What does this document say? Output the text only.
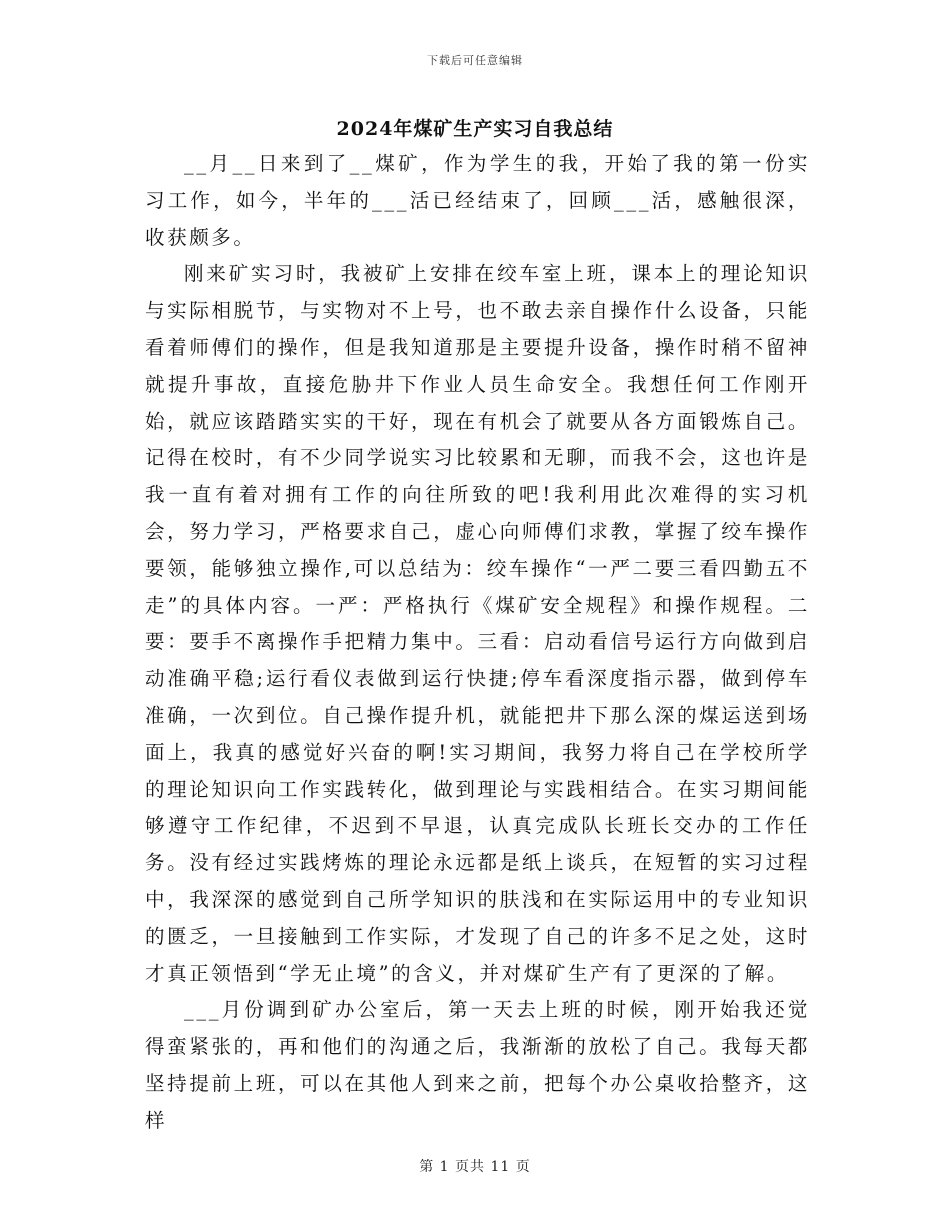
下载后可任意编辑
2024年煤矿生产实习自我总结

__月__日来到了__煤矿，作为学生的我，开始了我的第一份实习工作，如今，半年的___活已经结束了，回顾___活，感触很深，收获颇多。

刚来矿实习时，我被矿上安排在绞车室上班，课本上的理论知识与实际相脱节，与实物对不上号，也不敢去亲自操作什么设备，只能看着师傅们的操作，但是我知道那是主要提升设备，操作时稍不留神就提升事故，直接危胁井下作业人员生命安全。我想任何工作刚开始，就应该踏踏实实的干好，现在有机会了就要从各方面锻炼自己。记得在校时，有不少同学说实习比较累和无聊，而我不会，这也许是我一直有着对拥有工作的向往所致的吧!我利用此次难得的实习机会，努力学习，严格要求自己，虚心向师傅们求教，掌握了绞车操作要领，能够独立操作,可以总结为：绞车操作“一严二要三看四勤五不走”的具体内容。一严：严格执行《煤矿安全规程》和操作规程。二要：要手不离操作手把精力集中。三看：启动看信号运行方向做到启动准确平稳;运行看仪表做到运行快捷;停车看深度指示器，做到停车准确，一次到位。自己操作提升机，就能把井下那么深的煤运送到场面上，我真的感觉好兴奋的啊!实习期间，我努力将自己在学校所学的理论知识向工作实践转化，做到理论与实践相结合。在实习期间能够遵守工作纪律，不迟到不早退，认真完成队长班长交办的工作任务。没有经过实践烤炼的理论永远都是纸上谈兵，在短暂的实习过程中，我深深的感觉到自己所学知识的肤浅和在实际运用中的专业知识的匮乏，一旦接触到工作实际，才发现了自己的许多不足之处，这时才真正领悟到“学无止境”的含义，并对煤矿生产有了更深的了解。

___月份调到矿办公室后，第一天去上班的时候，刚开始我还觉得蛮紧张的，再和他们的沟通之后，我渐渐的放松了自己。我每天都坚持提前上班，可以在其他人到来之前，把每个办公桌收拾整齐，这样

第 1 页共 11 页
